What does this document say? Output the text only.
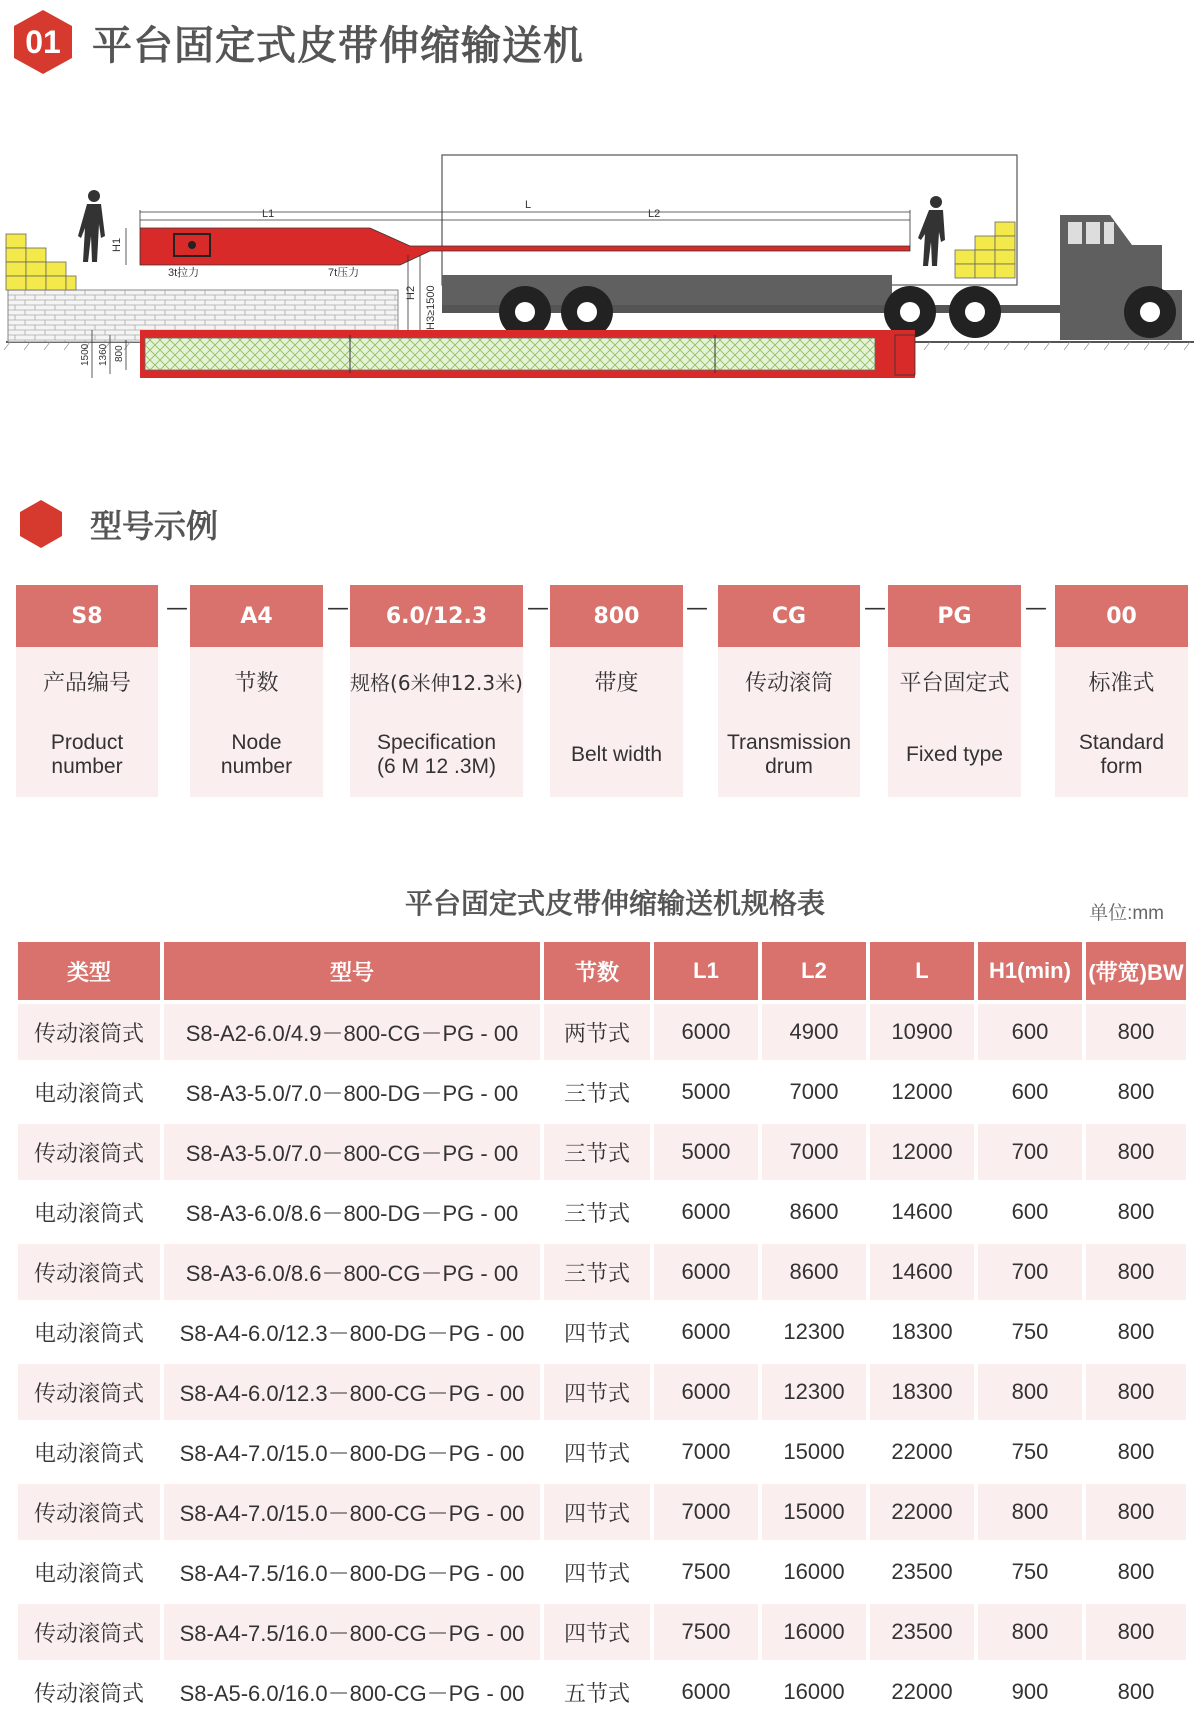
01 平台固定式皮带伸缩输送机
L
L1	L2
H1
H2 H3≥1500
3t拉力	7t压力
1500 1360 800
型号示例
S8
产品编号
Product
number
—	A4
节数
Node
number
—	6.0/12.3
规格(6米伸12.3米)
Specification
(6 M 12 .3M)
—	800
带度
Belt width
—	CG
传动滚筒
Transmission
drum
—	PG
平台固定式
Fixed type
—	00
标准式
Standard
form
平台固定式皮带伸缩输送机规格表	单位:mm
类型	型号	节数	L1	L2	L	H1(min)	(带宽)BW
传动滚筒式	S8-A2-6.0/4.9－800-CG－PG - 00	两节式	6000	4900	10900	600	800
电动滚筒式	S8-A3-5.0/7.0－800-DG－PG - 00	三节式	5000	7000	12000	600	800
传动滚筒式	S8-A3-5.0/7.0－800-CG－PG - 00	三节式	5000	7000	12000	700	800
电动滚筒式	S8-A3-6.0/8.6－800-DG－PG - 00	三节式	6000	8600	14600	600	800
传动滚筒式	S8-A3-6.0/8.6－800-CG－PG - 00	三节式	6000	8600	14600	700	800
电动滚筒式	S8-A4-6.0/12.3－800-DG－PG - 00	四节式	6000	12300	18300	750	800
传动滚筒式	S8-A4-6.0/12.3－800-CG－PG - 00	四节式	6000	12300	18300	800	800
电动滚筒式	S8-A4-7.0/15.0－800-DG－PG - 00	四节式	7000	15000	22000	750	800
传动滚筒式	S8-A4-7.0/15.0－800-CG－PG - 00	四节式	7000	15000	22000	800	800
电动滚筒式	S8-A4-7.5/16.0－800-DG－PG - 00	四节式	7500	16000	23500	750	800
传动滚筒式	S8-A4-7.5/16.0－800-CG－PG - 00	四节式	7500	16000	23500	800	800
传动滚筒式	S8-A5-6.0/16.0－800-CG－PG - 00	五节式	6000	16000	22000	900	800
